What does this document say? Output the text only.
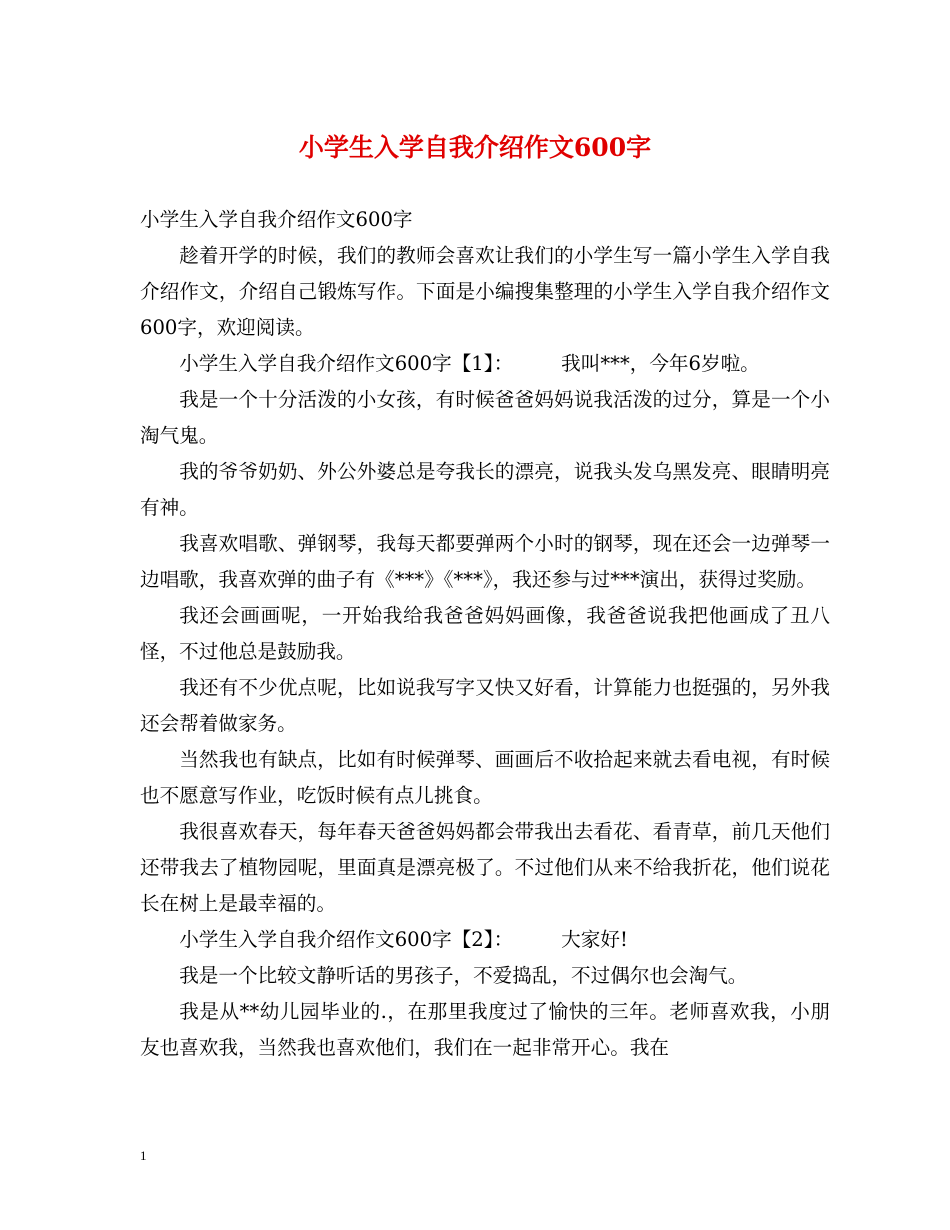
小学生入学自我介绍作文600字

小学生入学自我介绍作文600字

趁着开学的时候，我们的教师会喜欢让我们的小学生写一篇小学生入学自我介绍作文，介绍自己锻炼写作。下面是小编搜集整理的小学生入学自我介绍作文600字，欢迎阅读。

小学生入学自我介绍作文600字【1】： 我叫***，今年6岁啦。

我是一个十分活泼的小女孩，有时候爸爸妈妈说我活泼的过分，算是一个小淘气鬼。

我的爷爷奶奶、外公外婆总是夸我长的漂亮，说我头发乌黑发亮、眼睛明亮有神。

我喜欢唱歌、弹钢琴，我每天都要弹两个小时的钢琴，现在还会一边弹琴一边唱歌，我喜欢弹的曲子有《***》《***》，我还参与过***演出，获得过奖励。

我还会画画呢，一开始我给我爸爸妈妈画像，我爸爸说我把他画成了丑八怪，不过他总是鼓励我。

我还有不少优点呢，比如说我写字又快又好看，计算能力也挺强的，另外我还会帮着做家务。

当然我也有缺点，比如有时候弹琴、画画后不收拾起来就去看电视，有时候也不愿意写作业，吃饭时候有点儿挑食。

我很喜欢春天，每年春天爸爸妈妈都会带我出去看花、看青草，前几天他们还带我去了植物园呢，里面真是漂亮极了。不过他们从来不给我折花，他们说花长在树上是最幸福的。

小学生入学自我介绍作文600字【2】： 大家好!

我是一个比较文静听话的男孩子，不爱捣乱，不过偶尔也会淘气。

我是从**幼儿园毕业的.，在那里我度过了愉快的三年。老师喜欢我，小朋友也喜欢我，当然我也喜欢他们，我们在一起非常开心。我在

1
